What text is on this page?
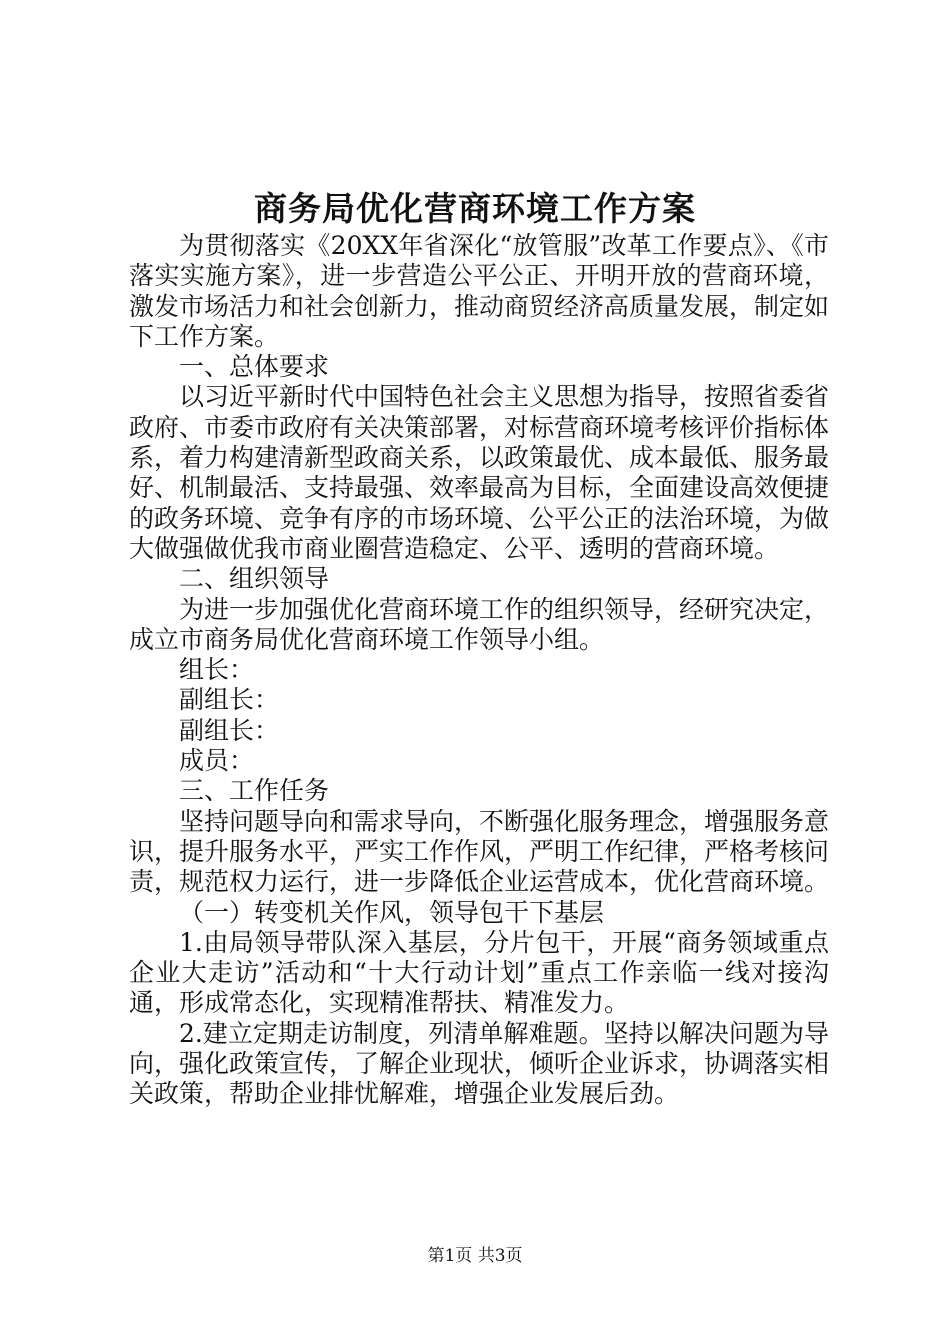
商务局优化营商环境工作方案

为贯彻落实《20XX年省深化“放管服”改革工作要点》、《市落实实施方案》，进一步营造公平公正、开明开放的营商环境，激发市场活力和社会创新力，推动商贸经济高质量发展，制定如下工作方案。

一、总体要求

以习近平新时代中国特色社会主义思想为指导，按照省委省政府、市委市政府有关决策部署，对标营商环境考核评价指标体系，着力构建清新型政商关系，以政策最优、成本最低、服务最好、机制最活、支持最强、效率最高为目标，全面建设高效便捷的政务环境、竞争有序的市场环境、公平公正的法治环境，为做大做强做优我市商业圈营造稳定、公平、透明的营商环境。

二、组织领导

为进一步加强优化营商环境工作的组织领导，经研究决定，成立市商务局优化营商环境工作领导小组。

组长：

副组长：

副组长：

成员：

三、工作任务

坚持问题导向和需求导向，不断强化服务理念，增强服务意识，提升服务水平，严实工作作风，严明工作纪律，严格考核问责，规范权力运行，进一步降低企业运营成本，优化营商环境。

（一）转变机关作风，领导包干下基层

1.由局领导带队深入基层，分片包干，开展“商务领域重点企业大走访”活动和“十大行动计划”重点工作亲临一线对接沟通，形成常态化，实现精准帮扶、精准发力。

2.建立定期走访制度，列清单解难题。坚持以解决问题为导向，强化政策宣传，了解企业现状，倾听企业诉求，协调落实相关政策，帮助企业排忧解难，增强企业发展后劲。

第1页 共3页
